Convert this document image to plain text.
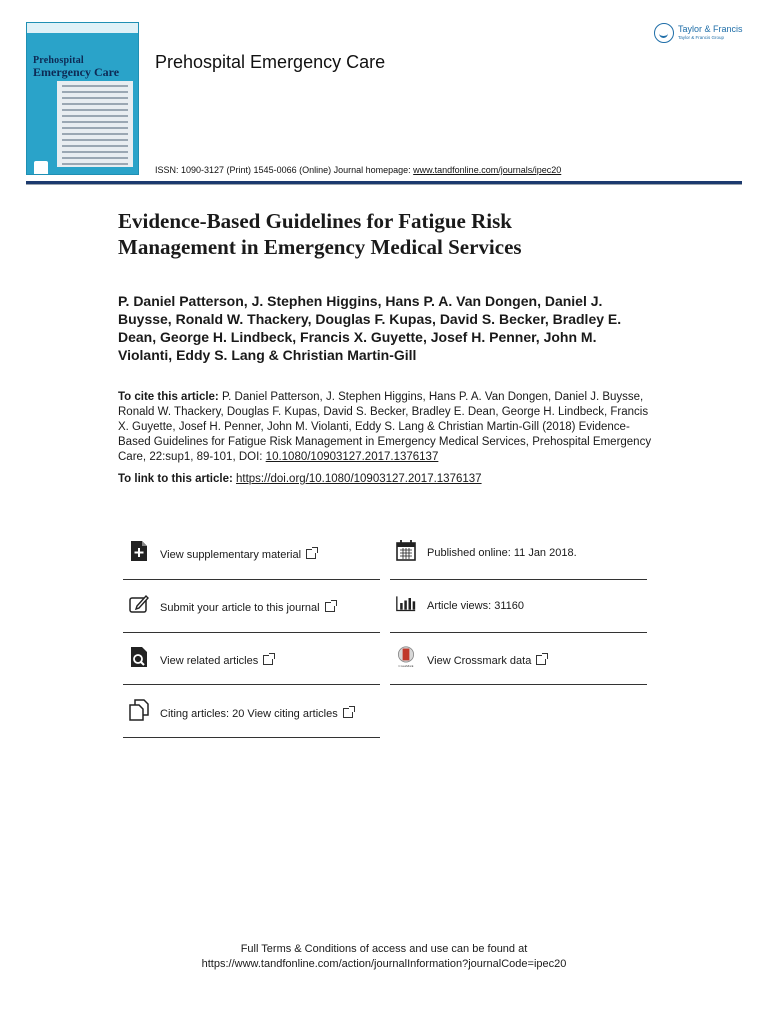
Prehospital
Emergency Care Prehospital Emergency Care
ISSN: 1090-3127 (Print) 1545-0066 (Online) Journal homepage: www.tandfonline.com/journals/ipec20
Taylor & Francis
Taylor & Francis Group
Evidence-Based Guidelines for Fatigue Risk
Management in Emergency Medical Services
P. Daniel Patterson, J. Stephen Higgins, Hans P. A. Van Dongen, Daniel J. Buysse, Ronald W. Thackery, Douglas F. Kupas, David S. Becker, Bradley E. Dean, George H. Lindbeck, Francis X. Guyette, Josef H. Penner, John M. Violanti, Eddy S. Lang & Christian Martin-Gill
To cite this article: P. Daniel Patterson, J. Stephen Higgins, Hans P. A. Van Dongen, Daniel J. Buysse, Ronald W. Thackery, Douglas F. Kupas, David S. Becker, Bradley E. Dean, George H. Lindbeck, Francis X. Guyette, Josef H. Penner, John M. Violanti, Eddy S. Lang & Christian Martin-Gill (2018) Evidence-Based Guidelines for Fatigue Risk Management in Emergency Medical Services, Prehospital Emergency Care, 22:sup1, 89-101, DOI: 10.1080/10903127.2017.1376137
To link to this article: https://doi.org/10.1080/10903127.2017.1376137
View supplementary material	Published online: 11 Jan 2018.
Submit your article to this journal	Article views: 31160
View related articles	CrossMark View Crossmark data
Citing articles: 20 View citing articles
Full Terms & Conditions of access and use can be found at
https://www.tandfonline.com/action/journalInformation?journalCode=ipec20
